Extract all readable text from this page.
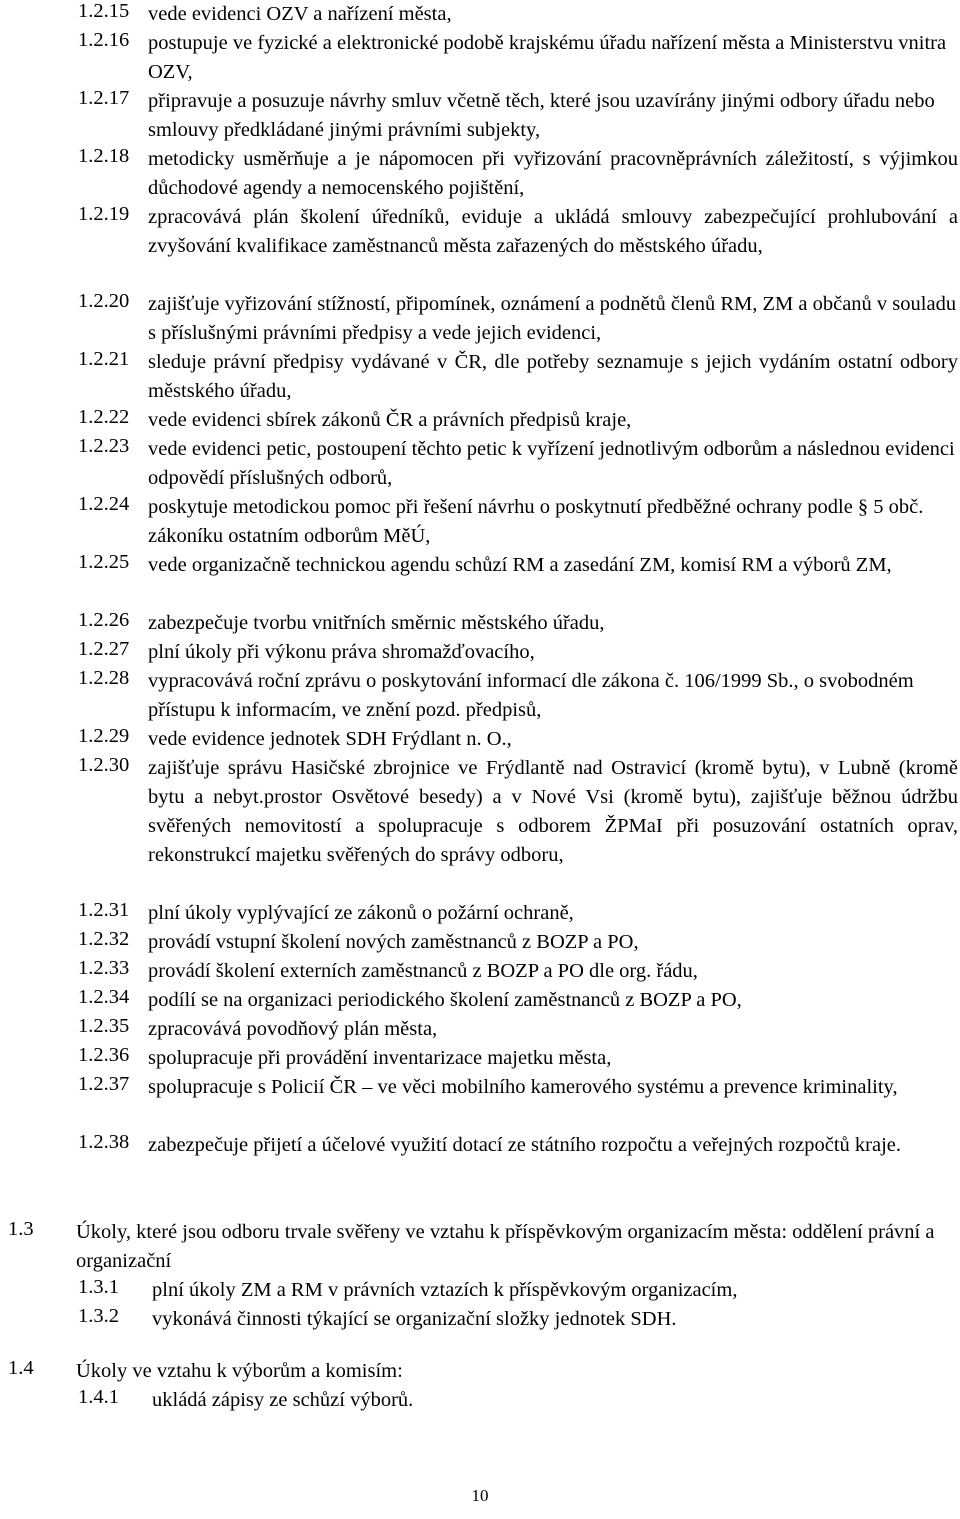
1.2.15 vede evidenci OZV a nařízení města,
1.2.16 postupuje ve fyzické a elektronické podobě krajskému úřadu nařízení města a Ministerstvu vnitra OZV,
1.2.17 připravuje a posuzuje návrhy smluv včetně těch, které jsou uzavírány jinými odbory úřadu nebo smlouvy předkládané jinými právními subjekty,
1.2.18 metodicky usměrňuje a je nápomocen při vyřizování pracovněprávních záležitostí, s výjimkou důchodové agendy a nemocenského pojištění,
1.2.19 zpracovává plán školení úředníků, eviduje a ukládá smlouvy zabezpečující prohlubování a zvyšování kvalifikace zaměstnanců města zařazených do městského úřadu,
1.2.20 zajišťuje vyřizování stížností, připomínek, oznámení a podnětů členů RM, ZM a občanů v souladu s příslušnými právními předpisy a vede jejich evidenci,
1.2.21 sleduje právní předpisy vydávané v ČR, dle potřeby seznamuje s jejich vydáním ostatní odbory městského úřadu,
1.2.22 vede evidenci sbírek zákonů ČR a právních předpisů kraje,
1.2.23 vede evidenci petic, postoupení těchto petic k vyřízení jednotlivým odborům a následnou evidenci odpovědí příslušných odborů,
1.2.24 poskytuje metodickou pomoc při řešení návrhu o poskytnutí předběžné ochrany podle § 5 obč. zákoníku ostatním odborům MěÚ,
1.2.25 vede organizačně technickou agendu schůzí RM a zasedání ZM, komisí RM a výborů ZM,
1.2.26 zabezpečuje tvorbu vnitřních směrnic městského úřadu,
1.2.27 plní úkoly při výkonu práva shromažďovacího,
1.2.28 vypracovává roční zprávu o poskytování informací dle zákona č. 106/1999 Sb., o svobodném přístupu k informacím, ve znění pozd. předpisů,
1.2.29 vede evidence jednotek SDH Frýdlant n. O.,
1.2.30 zajišťuje správu Hasičské zbrojnice ve Frýdlantě nad Ostravicí (kromě bytu), v Lubně (kromě bytu a nebyt.prostor Osvětové besedy) a v Nové Vsi (kromě bytu), zajišťuje běžnou údržbu svěřených nemovitostí a spolupracuje s odborem ŽPMaI při posuzování ostatních oprav, rekonstrukcí majetku svěřených do správy odboru,
1.2.31 plní úkoly vyplývající ze zákonů o požární ochraně,
1.2.32 provádí vstupní školení nových zaměstnanců z BOZP a PO,
1.2.33 provádí školení externích zaměstnanců z BOZP a PO dle org. řádu,
1.2.34 podílí se na organizaci periodického školení zaměstnanců z BOZP a PO,
1.2.35 zpracovává povodňový plán města,
1.2.36 spolupracuje při provádění inventarizace majetku města,
1.2.37 spolupracuje s Policií ČR – ve věci mobilního kamerového systému a prevence kriminality,
1.2.38 zabezpečuje přijetí a účelové využití dotací ze státního rozpočtu a veřejných rozpočtů kraje.
1.3	Úkoly, které jsou odboru trvale svěřeny ve vztahu k příspěvkovým organizacím města: oddělení právní a organizační
1.3.1 plní úkoly ZM a RM v právních vztazích k příspěvkovým organizacím,
1.3.2 vykonává činnosti týkající se organizační složky jednotek SDH.
1.4	Úkoly ve vztahu k výborům a komisím:
1.4.1 ukládá zápisy ze schůzí výborů.
10
